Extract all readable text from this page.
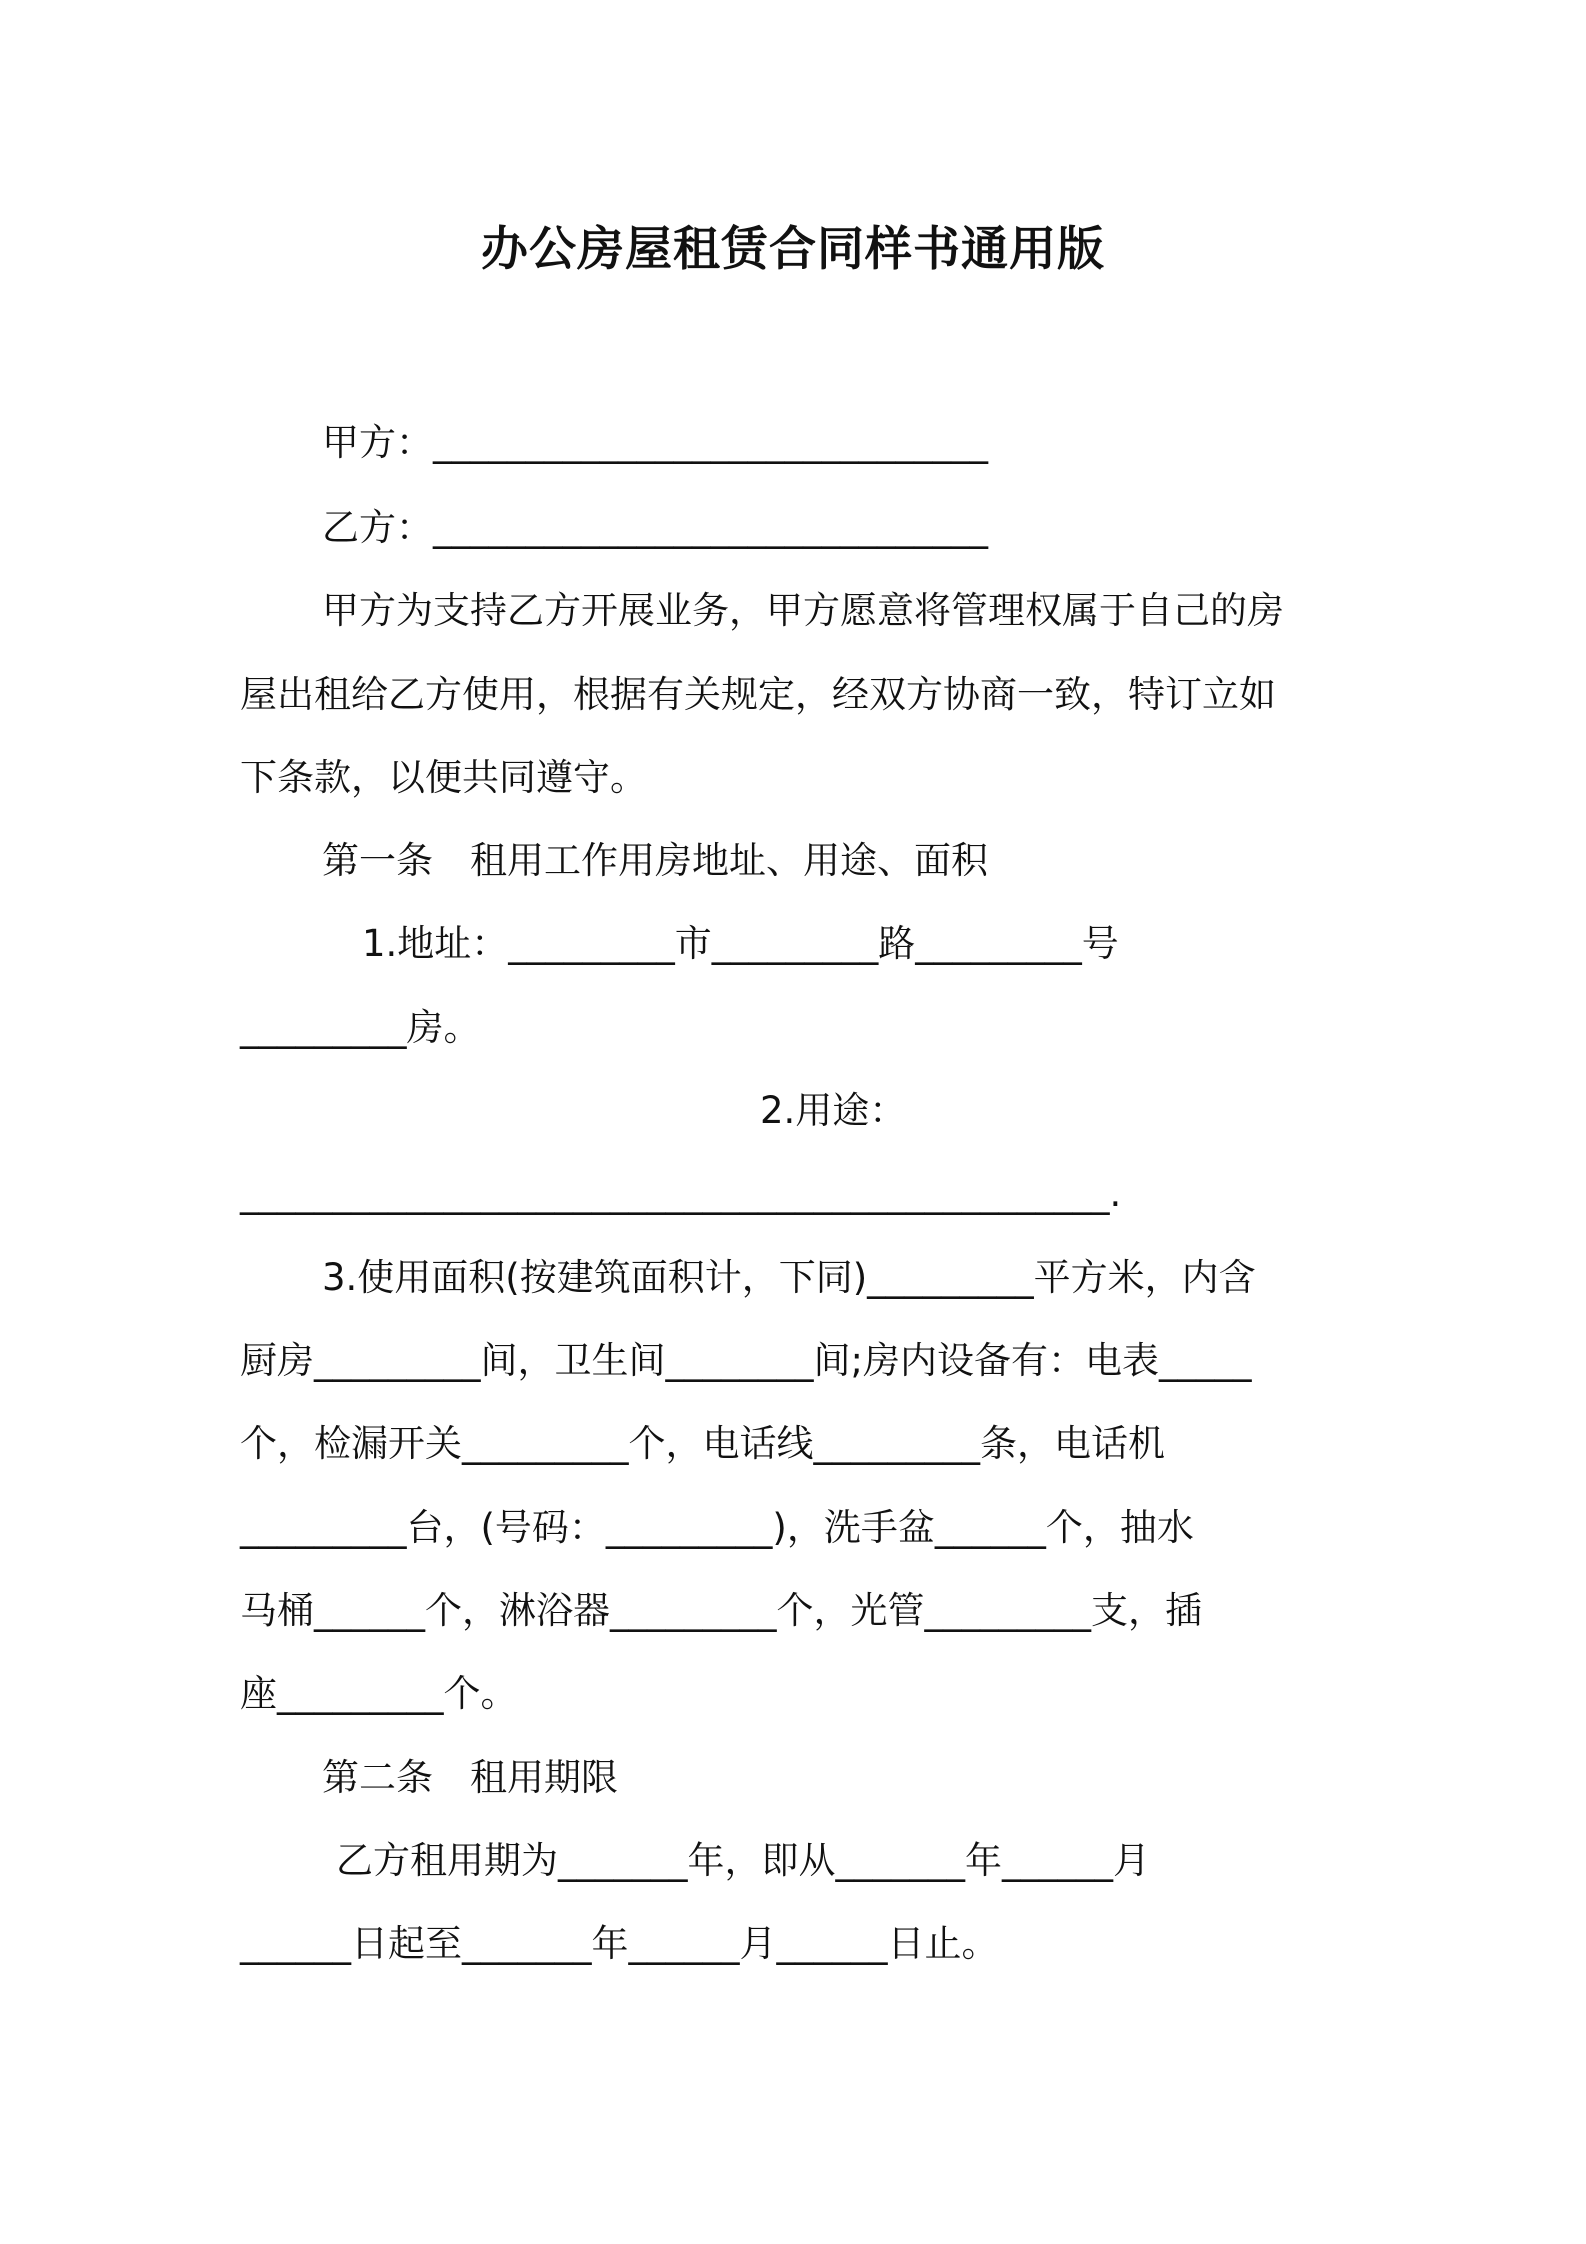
办公房屋租赁合同样书通用版
甲方：______________________________
乙方：______________________________
甲方为支持乙方开展业务，甲方愿意将管理权属于自己的房
屋出租给乙方使用，根据有关规定，经双方协商一致，特订立如
下条款，以便共同遵守。
第一条　租用工作用房地址、用途、面积
1.地址：_________市_________路_________号
_________房。
2.用途：
_______________________________________________.
3.使用面积(按建筑面积计，下同)_________平方米，内含
厨房_________间，卫生间________间;房内设备有：电表_____
个，检漏开关_________个，电话线_________条，电话机
_________台，(号码：_________)，洗手盆______个，抽水
马桶______个，淋浴器_________个，光管_________支，插
座_________个。
第二条　租用期限
乙方租用期为_______年，即从_______年______月
______日起至_______年______月______日止。
